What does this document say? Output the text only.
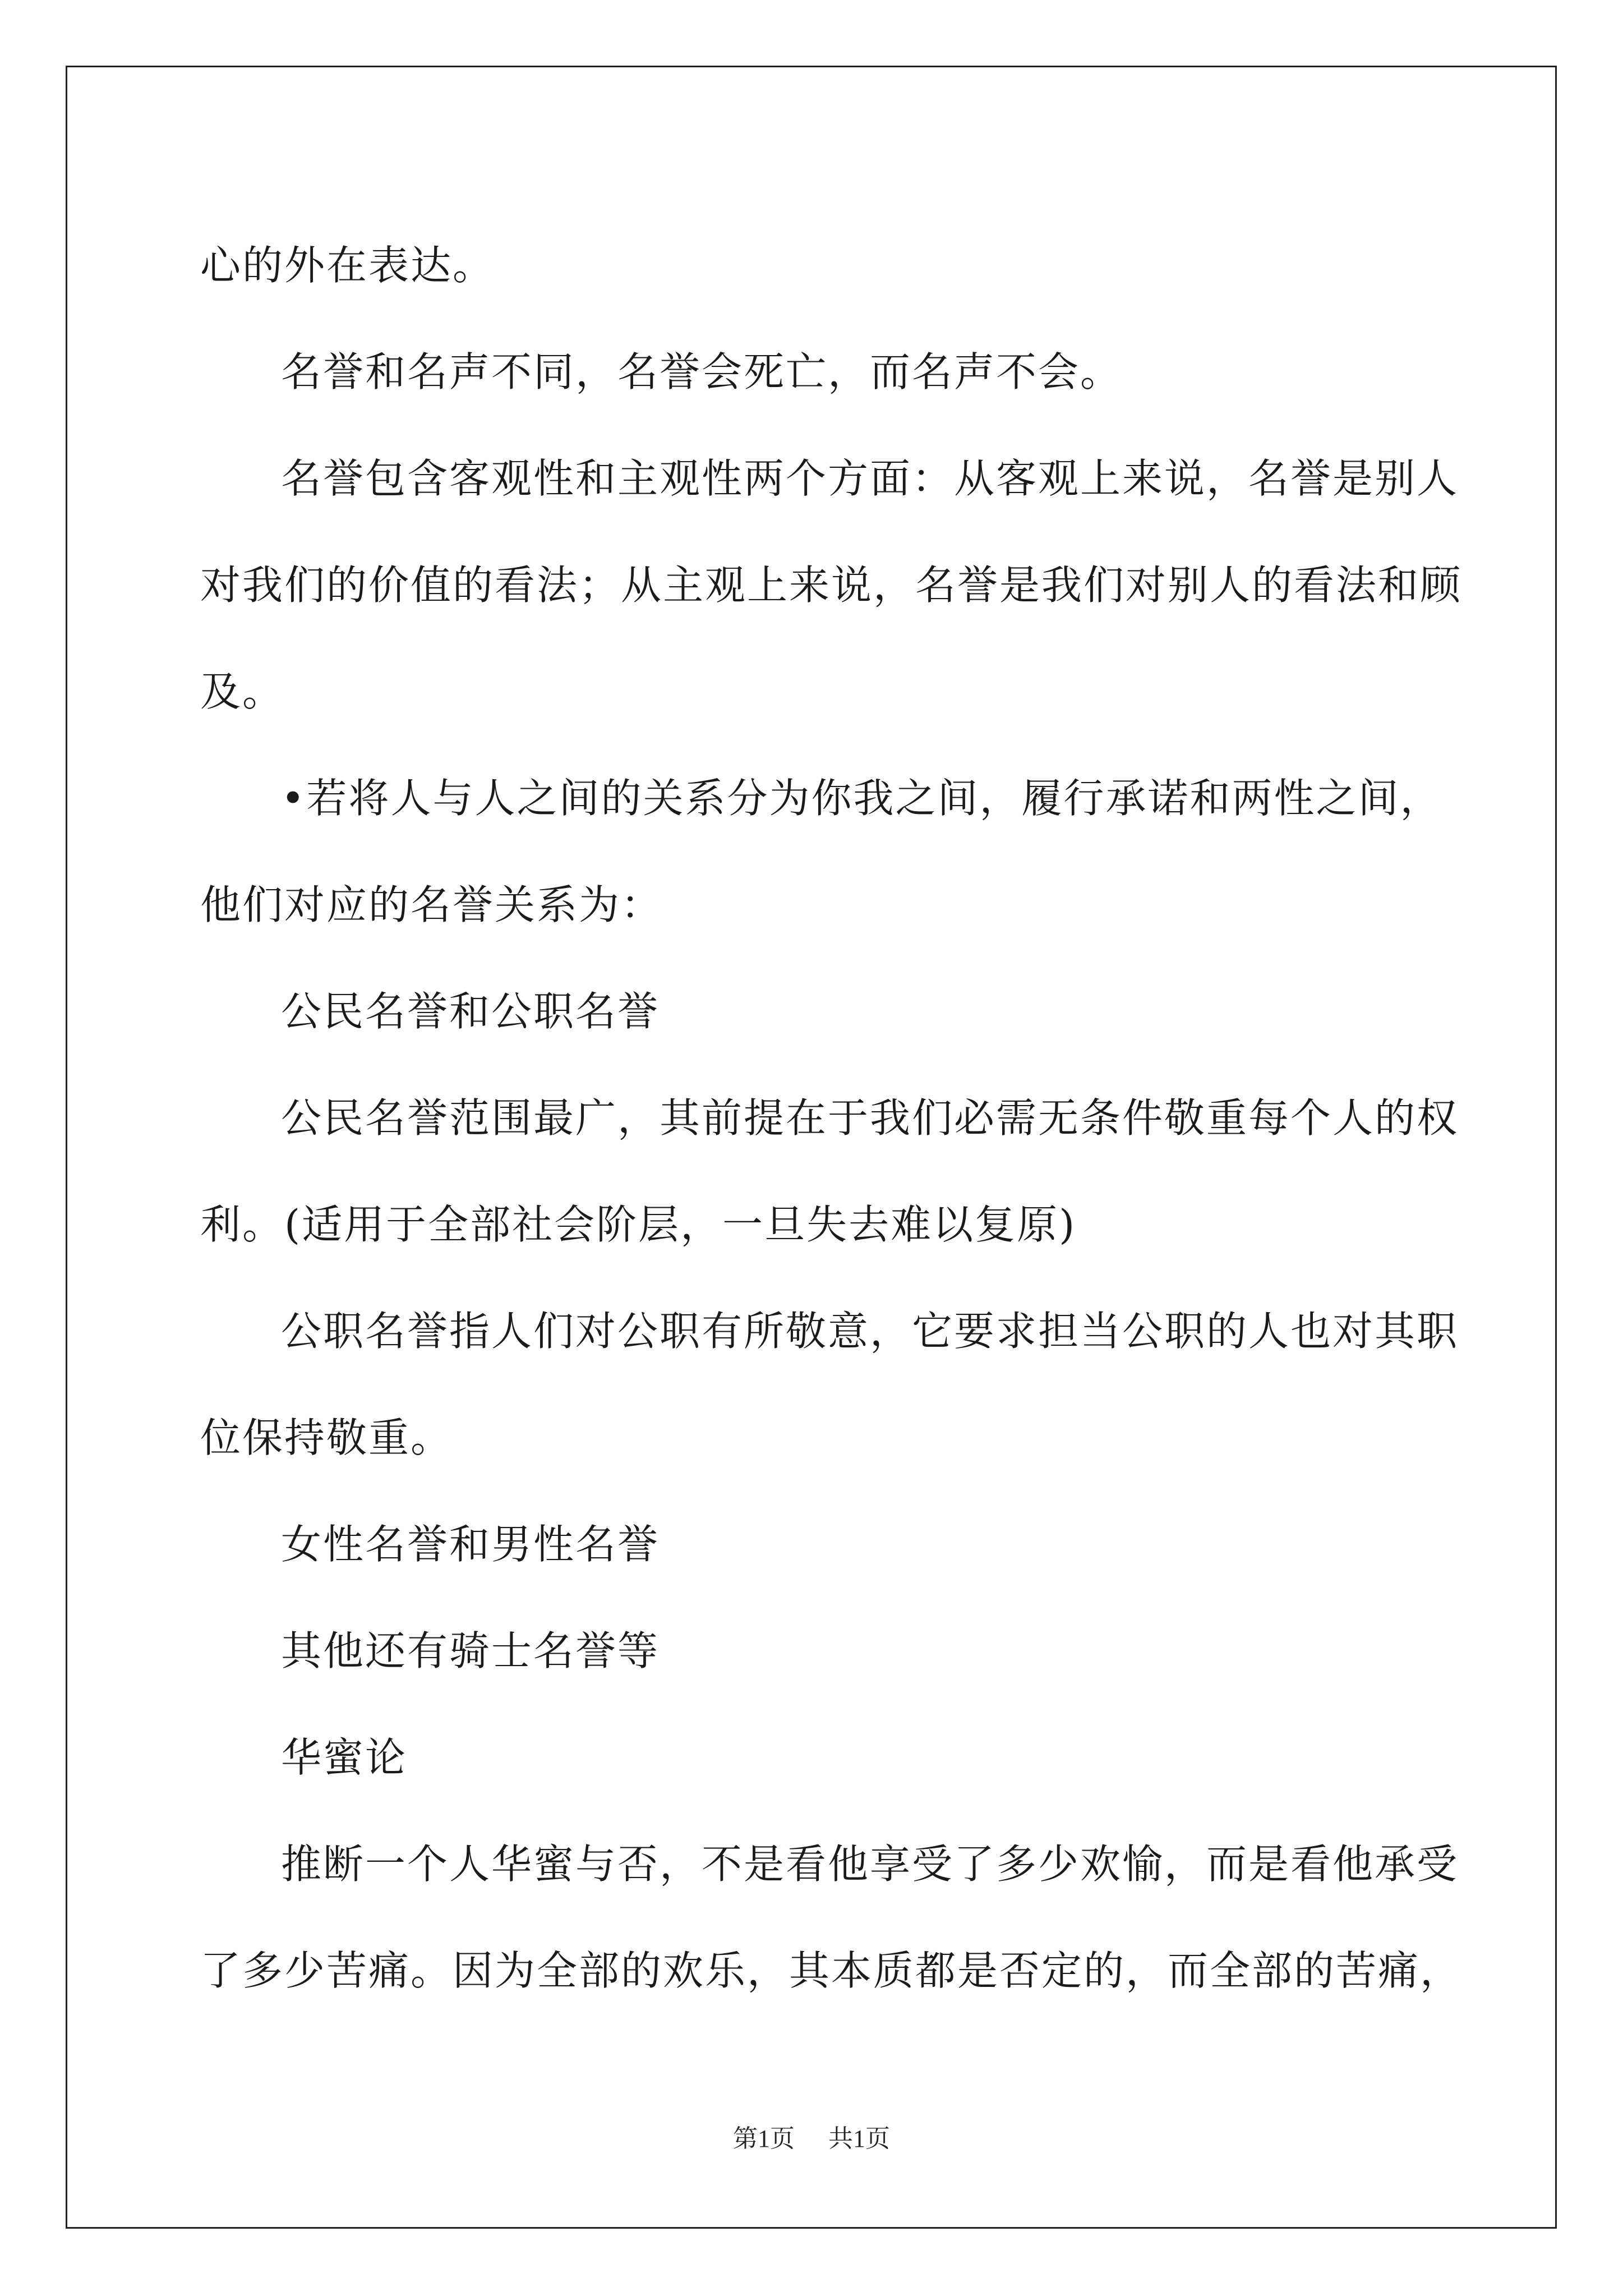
心的外在表达。

名誉和名声不同，名誉会死亡，而名声不会。

名誉包含客观性和主观性两个方面：从客观上来说，名誉是别人

对我们的价值的看法；从主观上来说，名誉是我们对别人的看法和顾

及。

•若将人与人之间的关系分为你我之间，履行承诺和两性之间，

他们对应的名誉关系为：

公民名誉和公职名誉

公民名誉范围最广，其前提在于我们必需无条件敬重每个人的权

利。(适用于全部社会阶层，一旦失去难以复原)

公职名誉指人们对公职有所敬意，它要求担当公职的人也对其职

位保持敬重。

女性名誉和男性名誉

其他还有骑士名誉等

华蜜论

推断一个人华蜜与否，不是看他享受了多少欢愉，而是看他承受

了多少苦痛。因为全部的欢乐，其本质都是否定的，而全部的苦痛，

第1页 共1页
